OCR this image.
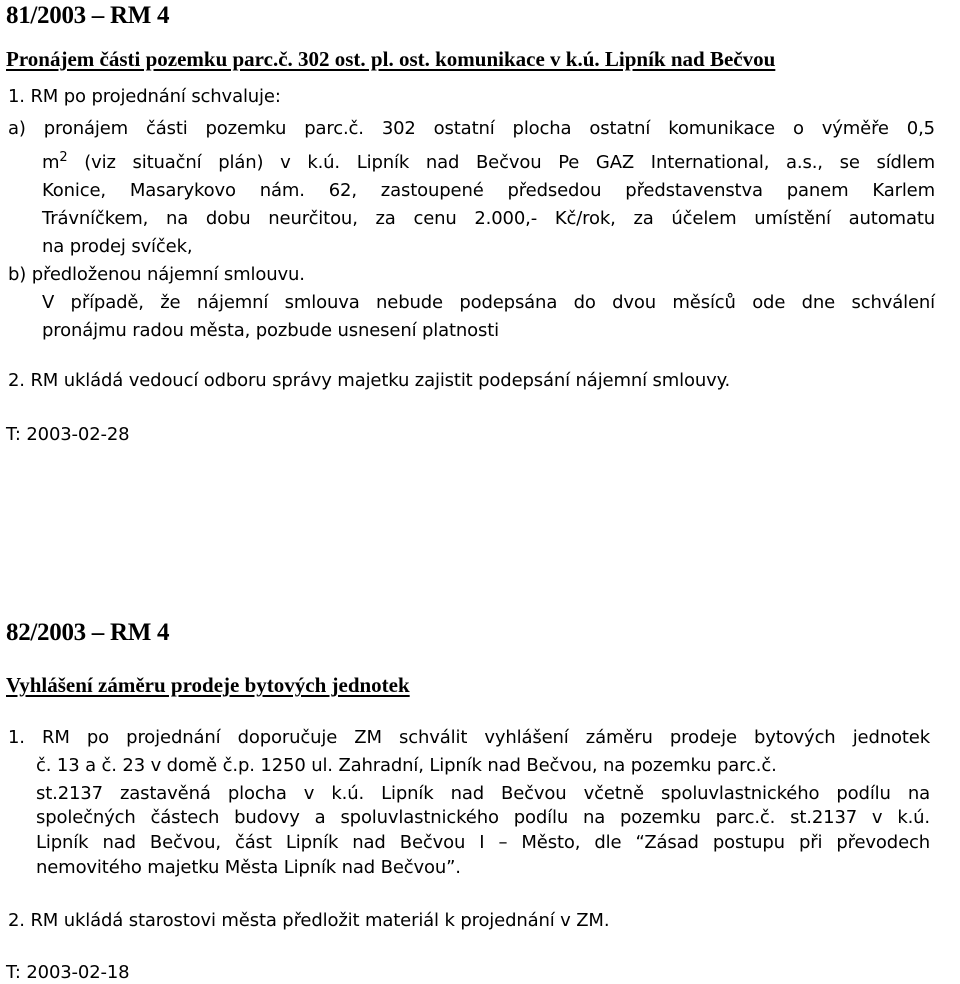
81/2003 – RM 4
Pronájem části pozemku parc.č. 302 ost. pl. ost. komunikace v k.ú. Lipník nad Bečvou
1. RM po projednání schvaluje:
a) pronájem části pozemku parc.č. 302 ostatní plocha ostatní komunikace o výměře 0,5
$m^2$ (viz situační plán) v k.ú. Lipník nad Bečvou Pe GAZ International, a.s., se sídlem
Konice, Masarykovo nám. 62, zastoupené předsedou představenstva panem Karlem
Trávníčkem, na dobu neurčitou, za cenu 2.000,- Kč/rok, za účelem umístění automatu
na prodej svíček,
b) předloženou nájemní smlouvu.
V případě, že nájemní smlouva nebude podepsána do dvou měsíců ode dne schválení
pronájmu radou města, pozbude usnesení platnosti
2. RM ukládá vedoucí odboru správy majetku zajistit podepsání nájemní smlouvy.
T: 2003-02-28
82/2003 – RM 4
Vyhlášení záměru prodeje bytových jednotek
1. RM po projednání doporučuje ZM schválit vyhlášení záměru prodeje bytových jednotek
č. 13 a č. 23 v domě č.p. 1250 ul. Zahradní, Lipník nad Bečvou, na pozemku parc.č.
st.2137 zastavěná plocha v k.ú. Lipník nad Bečvou včetně spoluvlastnického podílu na
společných částech budovy a spoluvlastnického podílu na pozemku parc.č. st.2137 v k.ú.
Lipník nad Bečvou, část Lipník nad Bečvou I – Město, dle “Zásad postupu při převodech
nemovitého majetku Města Lipník nad Bečvou”.
2. RM ukládá starostovi města předložit materiál k projednání v ZM.
T: 2003-02-18
